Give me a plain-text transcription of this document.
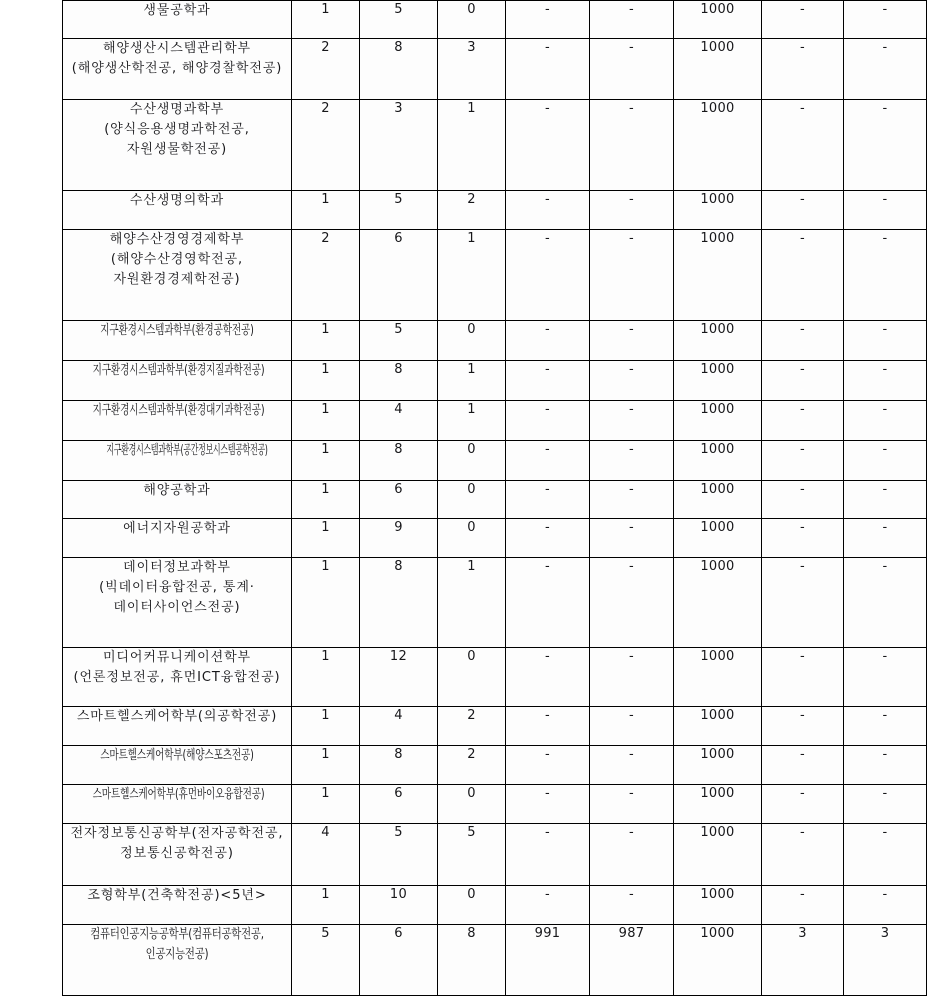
생물공학과	1	5	0	-	-	1000	-	-

해양생산시스템관리학부
(해양생산학전공, 해양경찰학전공)	2	8	3	-	-	1000	-	-

수산생명과학부
(양식응용생명과학전공,
자원생물학전공)	2	3	1	-	-	1000	-	-

수산생명의학과	1	5	2	-	-	1000	-	-

해양수산경영경제학부
(해양수산경영학전공,
자원환경경제학전공)	2	6	1	-	-	1000	-	-

지구환경시스템과학부(환경공학전공)	1	5	0	-	-	1000	-	-

지구환경시스템과학부(환경지질과학전공)	1	8	1	-	-	1000	-	-

지구환경시스템과학부(환경대기과학전공)	1	4	1	-	-	1000	-	-

지구환경시스템과학부(공간정보시스템공학전공)	1	8	0	-	-	1000	-	-

해양공학과	1	6	0	-	-	1000	-	-

에너지자원공학과	1	9	0	-	-	1000	-	-

데이터정보과학부
(빅데이터융합전공, 통계·
데이터사이언스전공)	1	8	1	-	-	1000	-	-

미디어커뮤니케이션학부
(언론정보전공, 휴먼ICT융합전공)	1	12	0	-	-	1000	-	-

스마트헬스케어학부(의공학전공)	1	4	2	-	-	1000	-	-

스마트헬스케어학부(해양스포츠전공)	1	8	2	-	-	1000	-	-

스마트헬스케어학부(휴먼바이오융합전공)	1	6	0	-	-	1000	-	-

전자정보통신공학부(전자공학전공,
정보통신공학전공)	4	5	5	-	-	1000	-	-

조형학부(건축학전공)<5년>	1	10	0	-	-	1000	-	-

컴퓨터인공지능공학부(컴퓨터공학전공,
인공지능전공)	5	6	8	991	987	1000	3	3
